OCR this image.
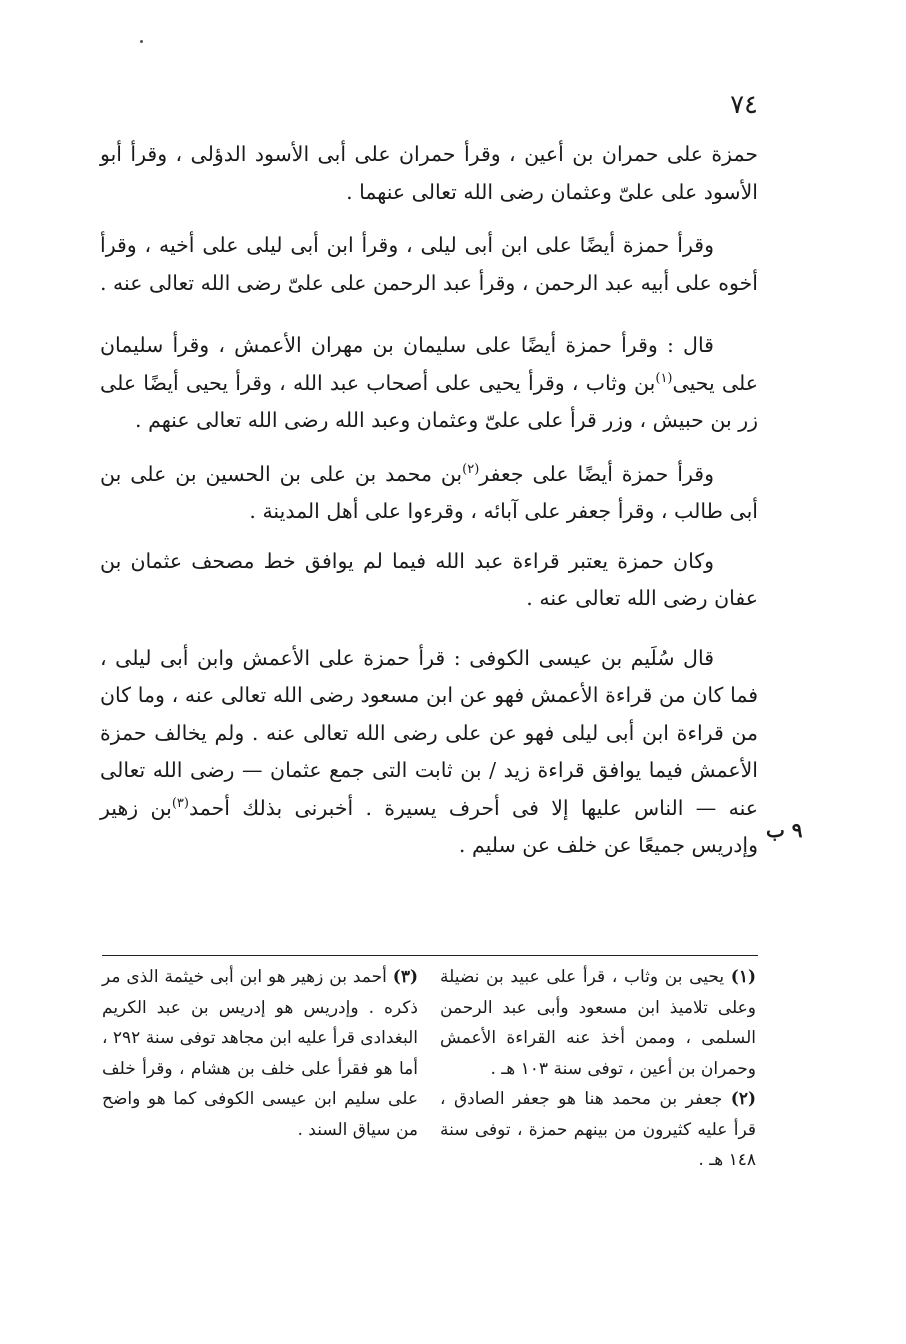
٧٤

حمزة على حمران بن أعين ، وقرأ حمران على أبى الأسود الدؤلى ، وقرأ أبو الأسود على علىّ وعثمان رضى الله تعالى عنهما .

وقرأ حمزة أيضًا على ابن أبى ليلى ، وقرأ ابن أبى ليلى على أخيه ، وقرأ أخوه على أبيه عبد الرحمن ، وقرأ عبد الرحمن على علىّ رضى الله تعالى عنه .

قال : وقرأ حمزة أيضًا على سليمان بن مهران الأعمش ، وقرأ سليمان على يحيى$^{(١)}$بن وثاب ، وقرأ يحيى على أصحاب عبد الله ، وقرأ يحيى أيضًا على زر بن حبيش ، وزر قرأ على علىّ وعثمان وعبد الله رضى الله تعالى عنهم .

وقرأ حمزة أيضًا على جعفر$^{(٢)}$بن محمد بن على بن الحسين بن على بن أبى طالب ، وقرأ جعفر على آبائه ، وقرءوا على أهل المدينة .

وكان حمزة يعتبر قراءة عبد الله فيما لم يوافق خط مصحف عثمان بن عفان رضى الله تعالى عنه .

قال سُلَيم بن عيسى الكوفى : قرأ حمزة على الأعمش وابن أبى ليلى ، فما كان من قراءة الأعمش فهو عن ابن مسعود رضى الله تعالى عنه ، وما كان من قراءة ابن أبى ليلى فهو عن على رضى الله تعالى عنه . ولم يخالف حمزة الأعمش فيما يوافق قراءة زيد / بن ثابت التى جمع عثمان — رضى الله تعالى عنه — الناس عليها إلا فى أحرف يسيرة . أخبرنى بذلك أحمد$^{(٣)}$بن زهير وإدريس جميعًا عن خلف عن سليم .

٩ ب

(١) يحيى بن وثاب ، قرأ على عبيد بن نضيلة وعلى تلاميذ ابن مسعود وأبى عبد الرحمن السلمى ، وممن أخذ عنه القراءة الأعمش وحمران بن أعين ، توفى سنة ١٠٣ هـ .

(٢) جعفر بن محمد هنا هو جعفر الصادق ، قرأ عليه كثيرون من بينهم حمزة ، توفى سنة ١٤٨ هـ .

(٣) أحمد بن زهير هو ابن أبى خيثمة الذى مر ذكره . وإدريس هو إدريس بن عبد الكريم البغدادى قرأ عليه ابن مجاهد توفى سنة ٢٩٢ ، أما هو فقرأ على خلف بن هشام ، وقرأ خلف على سليم ابن عيسى الكوفى كما هو واضح من سياق السند .
